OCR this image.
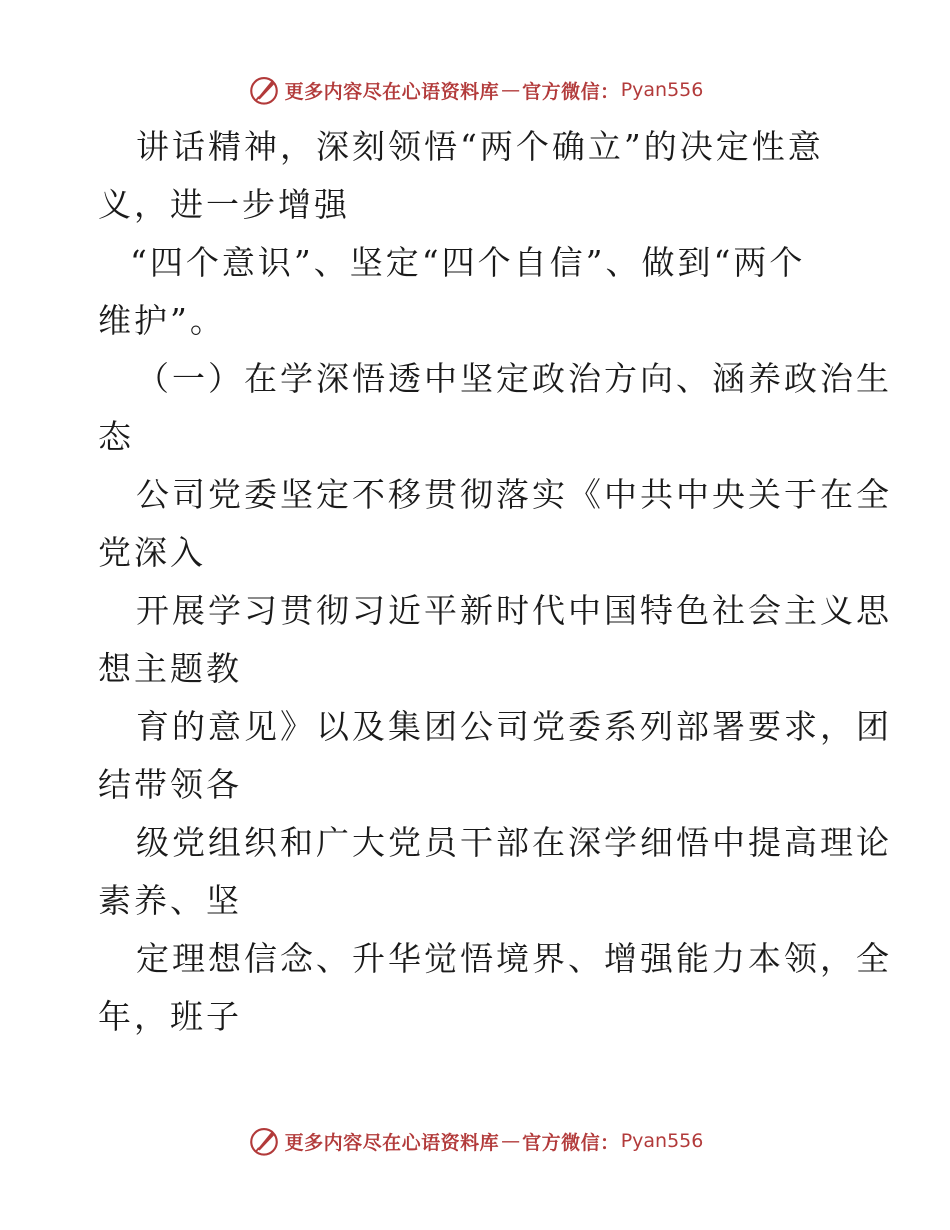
更多内容尽在心语资料库 — 官方微信： Pyan556
讲话精神，深刻领悟“两个确立”的决定性意
义，进一步增强
“四个意识”、坚定“四个自信”、做到“两个
维护”。
（一）在学深悟透中坚定政治方向、涵养政治生
态
公司党委坚定不移贯彻落实《中共中央关于在全
党深入
开展学习贯彻习近平新时代中国特色社会主义思
想主题教
育的意见》以及集团公司党委系列部署要求，团
结带领各
级党组织和广大党员干部在深学细悟中提高理论
素养、坚
定理想信念、升华觉悟境界、增强能力本领，全
年，班子
更多内容尽在心语资料库 — 官方微信： Pyan556
